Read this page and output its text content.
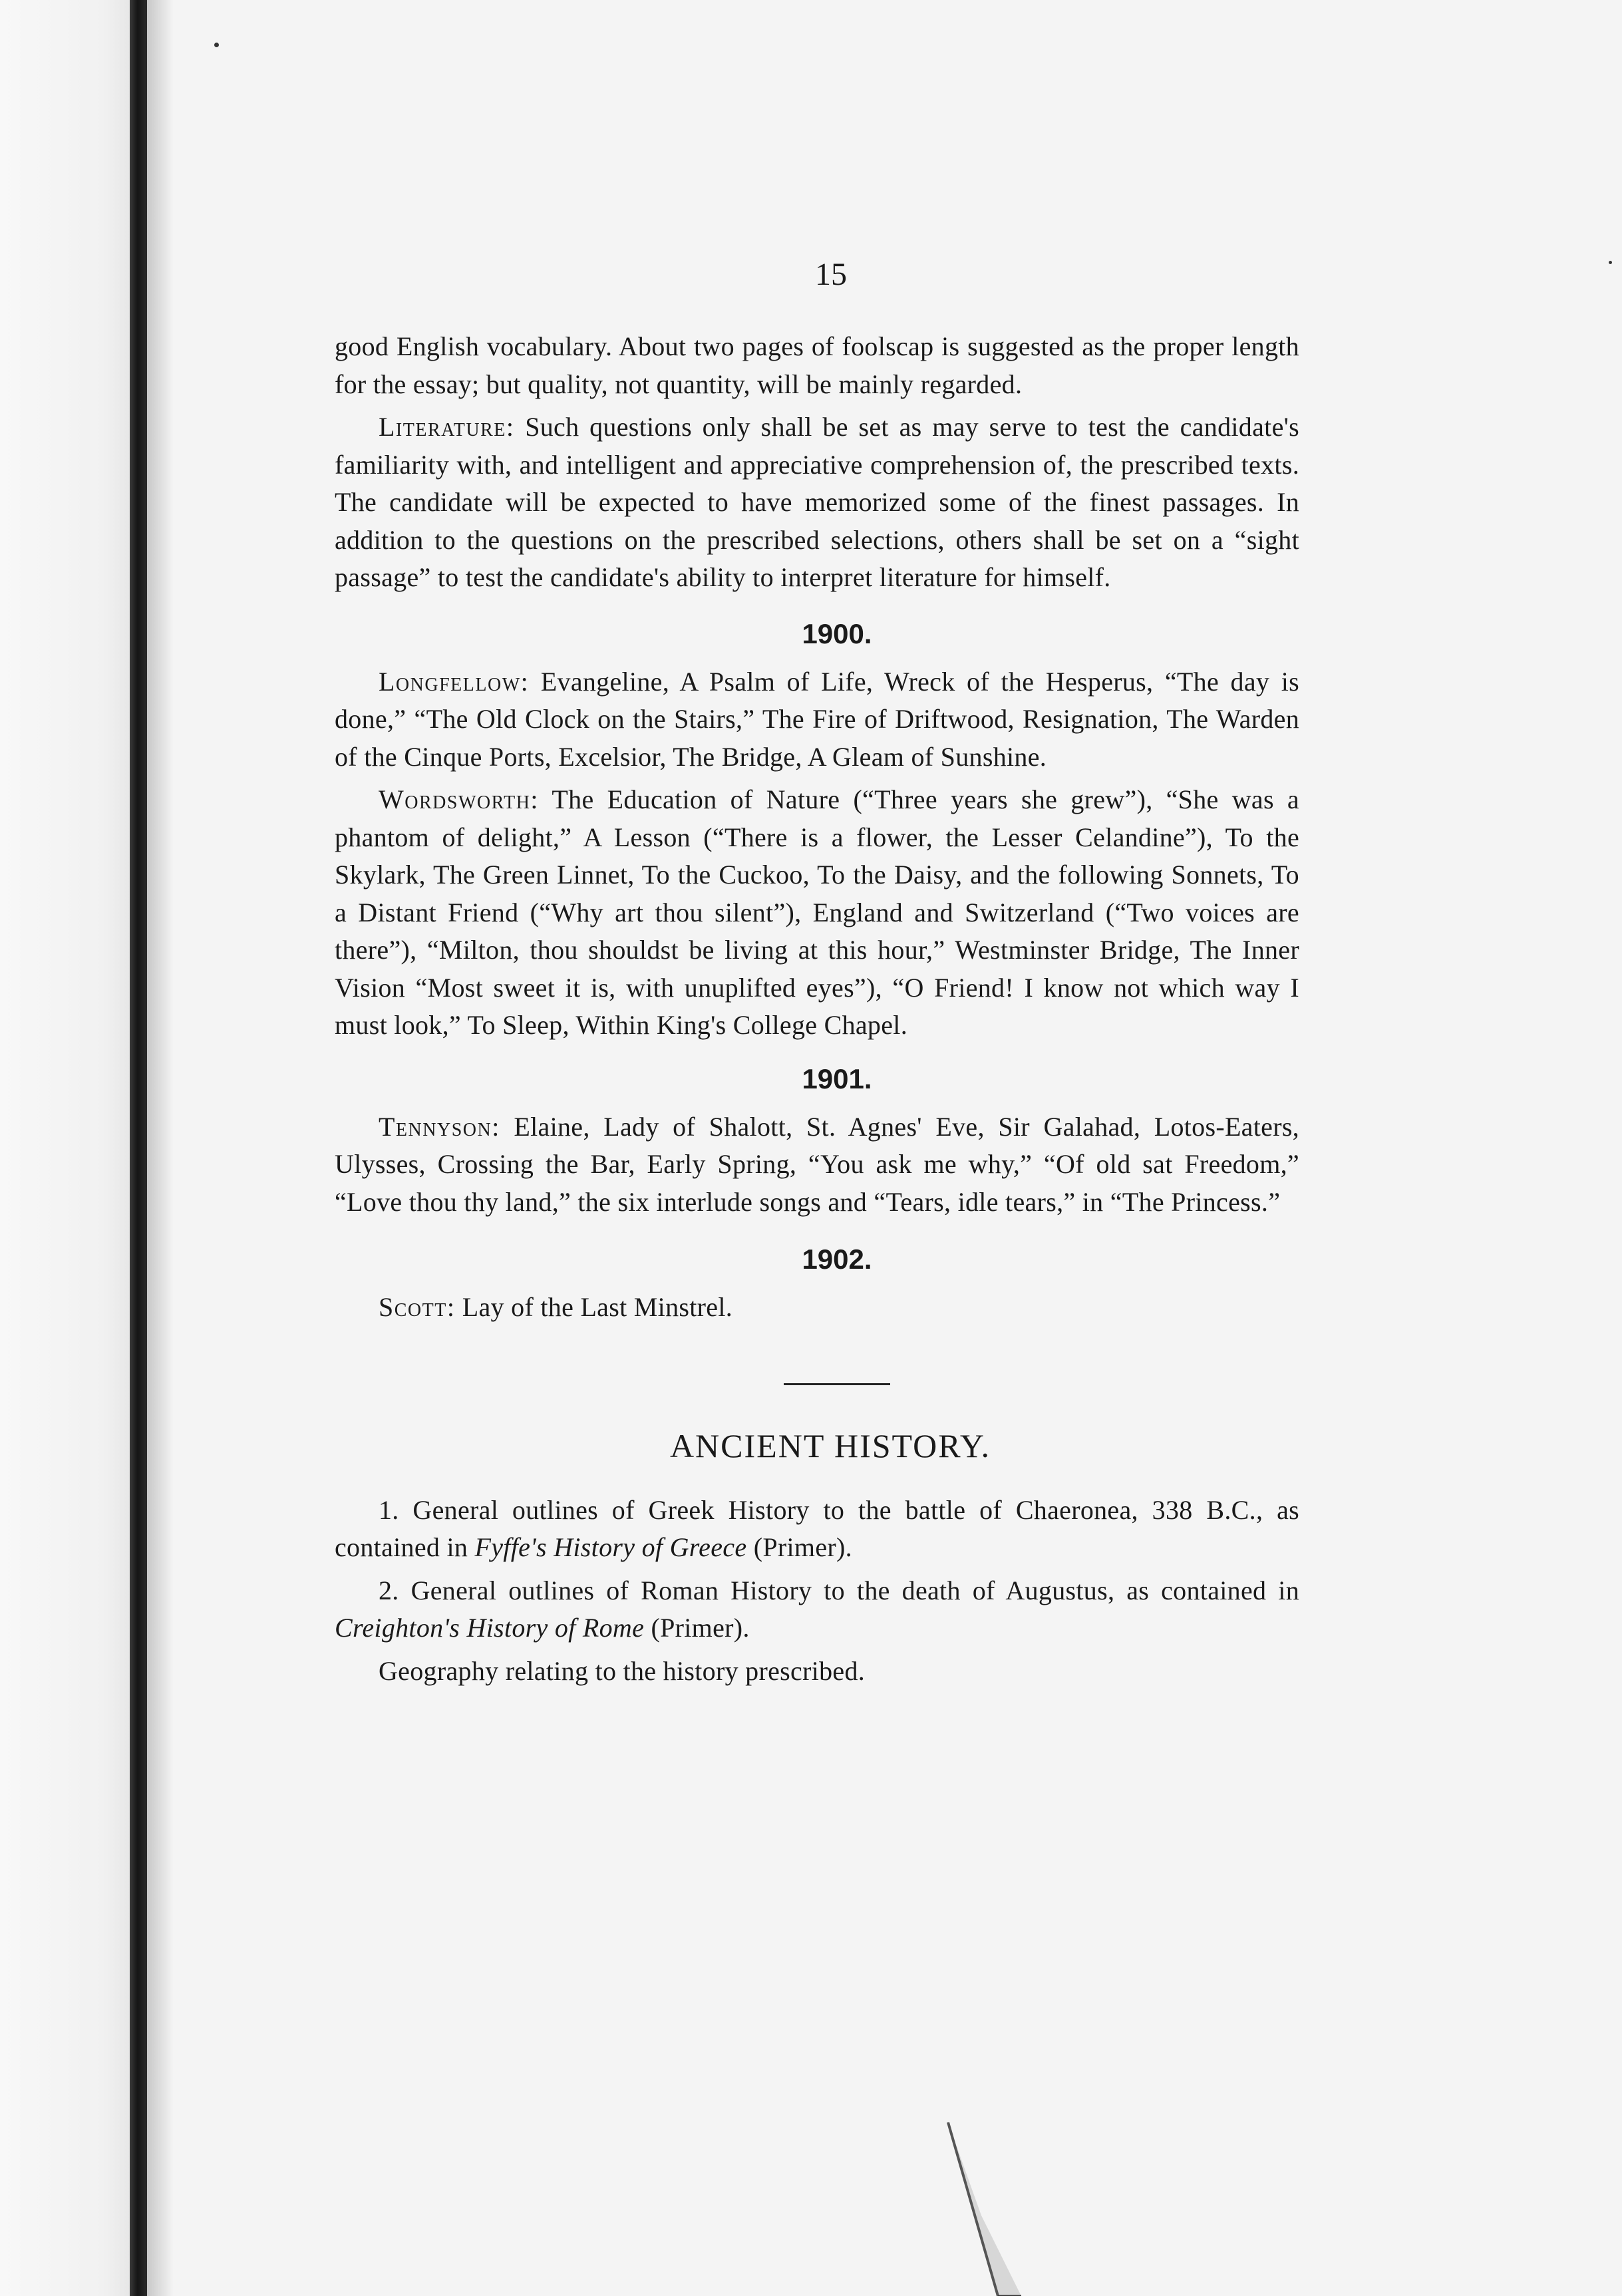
15

good English vocabulary. About two pages of foolscap is suggested as the proper length for the essay; but quality, not quantity, will be mainly regarded.

Literature: Such questions only shall be set as may serve to test the candidate's familiarity with, and intelligent and appreciative comprehension of, the prescribed texts. The candidate will be expected to have memorized some of the finest passages. In addition to the questions on the prescribed selections, others shall be set on a “sight passage” to test the candidate's ability to interpret literature for himself.

1900.

Longfellow: Evangeline, A Psalm of Life, Wreck of the Hesperus, “The day is done,” “The Old Clock on the Stairs,” The Fire of Driftwood, Resignation, The Warden of the Cinque Ports, Excelsior, The Bridge, A Gleam of Sunshine.

Wordsworth: The Education of Nature (“Three years she grew”), “She was a phantom of delight,” A Lesson (“There is a flower, the Lesser Celandine”), To the Skylark, The Green Linnet, To the Cuckoo, To the Daisy, and the following Sonnets, To a Distant Friend (“Why art thou silent”), England and Switzerland (“Two voices are there”), “Milton, thou shouldst be living at this hour,” Westminster Bridge, The Inner Vision “Most sweet it is, with unuplifted eyes”), “O Friend! I know not which way I must look,” To Sleep, Within King's College Chapel.

1901.

Tennyson: Elaine, Lady of Shalott, St. Agnes' Eve, Sir Galahad, Lotos-Eaters, Ulysses, Crossing the Bar, Early Spring, “You ask me why,” “Of old sat Freedom,” “Love thou thy land,” the six interlude songs and “Tears, idle tears,” in “The Princess.”

1902.

Scott: Lay of the Last Minstrel.

ANCIENT HISTORY.

1. General outlines of Greek History to the battle of Chaeronea, 338 B.C., as contained in Fyffe's History of Greece (Primer).

2. General outlines of Roman History to the death of Augustus, as contained in Creighton's History of Rome (Primer).

Geography relating to the history prescribed.
